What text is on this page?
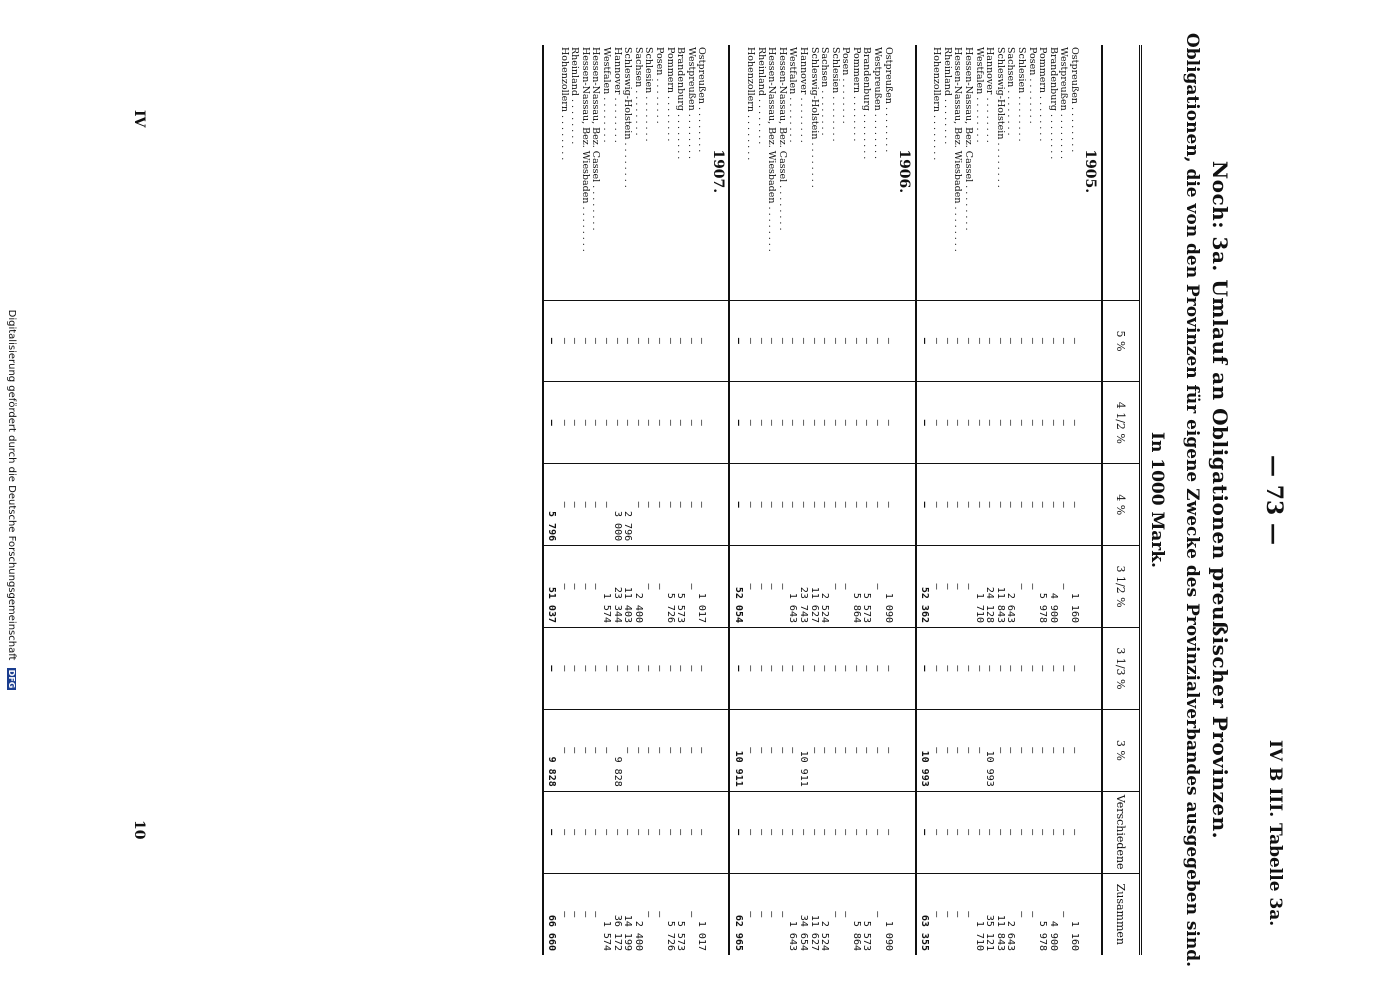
— 73 —
IV B III. Tabelle 3a.
Noch: 3a. Umlauf an Obligationen preußischer Provinzen.
Obligationen, die von den Provinzen für eigene Zwecke des Provinzialverbandes ausgegeben sind.
In 1000 Mark.
	5 %	4 1/2 %	4 %	3 1/2 %	3 1/3 %	3 %	Verschiedene	Zusammen
1905.								
Ostpreußen . . . . . . . .	—	—	—	1 160	—	—	—	1 160
Westpreußen . . . . . . . .	—	—	—	—	—	—	—	—
Brandenburg . . . . . . . .	—	—	—	4 900	—	—	—	4 900
Pommern . . . . . . . .	—	—	—	5 978	—	—	—	5 978
Posen . . . . . . . .	—	—	—	—	—	—	—	—
Schlesien . . . . . . . .	—	—	—	—	—	—	—	—
Sachsen . . . . . . . .	—	—	—	2 643	—	—	—	2 643
Schleswig-Holstein . . . . . . . .	—	—	—	11 843	—	—	—	11 843
Hannover . . . . . . . .	—	—	—	24 128	—	10 993	—	35 121
Westfalen . . . . . . . .	—	—	—	1 710	—	—	—	1 710
Hessen-Nassau, Bez. Cassel . . . . . . . .	—	—	—	—	—	—	—	—
Hessen-Nassau, Bez. Wiesbaden . . . . . . . .	—	—	—	—	—	—	—	—
Rheinland . . . . . . . .	—	—	—	—	—	—	—	—
Hohenzollern . . . . . . . .	—	—	—	—	—	—	—	—
	—	—	—	52 362	—	10 993	—	63 355
1906.								
Ostpreußen . . . . . . . .	—	—	—	1 090	—	—	—	1 090
Westpreußen . . . . . . . .	—	—	—	—	—	—	—	—
Brandenburg . . . . . . . .	—	—	—	5 573	—	—	—	5 573
Pommern . . . . . . . .	—	—	—	5 864	—	—	—	5 864
Posen . . . . . . . .	—	—	—	—	—	—	—	—
Schlesien . . . . . . . .	—	—	—	—	—	—	—	—
Sachsen . . . . . . . .	—	—	—	2 524	—	—	—	2 524
Schleswig-Holstein . . . . . . . .	—	—	—	11 627	—	—	—	11 627
Hannover . . . . . . . .	—	—	—	23 743	—	10 911	—	34 654
Westfalen . . . . . . . .	—	—	—	1 643	—	—	—	1 643
Hessen-Nassau, Bez. Cassel . . . . . . . .	—	—	—	—	—	—	—	—
Hessen-Nassau, Bez. Wiesbaden . . . . . . . .	—	—	—	—	—	—	—	—
Rheinland . . . . . . . .	—	—	—	—	—	—	—	—
Hohenzollern . . . . . . . .	—	—	—	—	—	—	—	—
	—	—	—	52 054	—	10 911	—	62 965
1907.								
Ostpreußen . . . . . . . .	—	—	—	1 017	—	—	—	1 017
Westpreußen . . . . . . . .	—	—	—	—	—	—	—	—
Brandenburg . . . . . . . .	—	—	—	5 573	—	—	—	5 573
Pommern . . . . . . . .	—	—	—	5 726	—	—	—	5 726
Posen . . . . . . . .	—	—	—	—	—	—	—	—
Schlesien . . . . . . . .	—	—	—	—	—	—	—	—
Sachsen . . . . . . . .	—	—	—	2 400	—	—	—	2 400
Schleswig-Holstein . . . . . . . .	—	—	2 796	11 403	—	—	—	14 199
Hannover . . . . . . . .	—	—	3 000	23 344	—	9 828	—	36 172
Westfalen . . . . . . . .	—	—	—	1 574	—	—	—	1 574
Hessen-Nassau, Bez. Cassel . . . . . . . .	—	—	—	—	—	—	—	—
Hessen-Nassau, Bez. Wiesbaden . . . . . . . .	—	—	—	—	—	—	—	—
Rheinland . . . . . . . .	—	—	—	—	—	—	—	—
Hohenzollern . . . . . . . .	—	—	—	—	—	—	—	—
	—	—	5 796	51 037	—	9 828	—	66 660
IV
10
Digitalisierung gefördert durch die Deutsche Forschungsgemeinschaft DFG
